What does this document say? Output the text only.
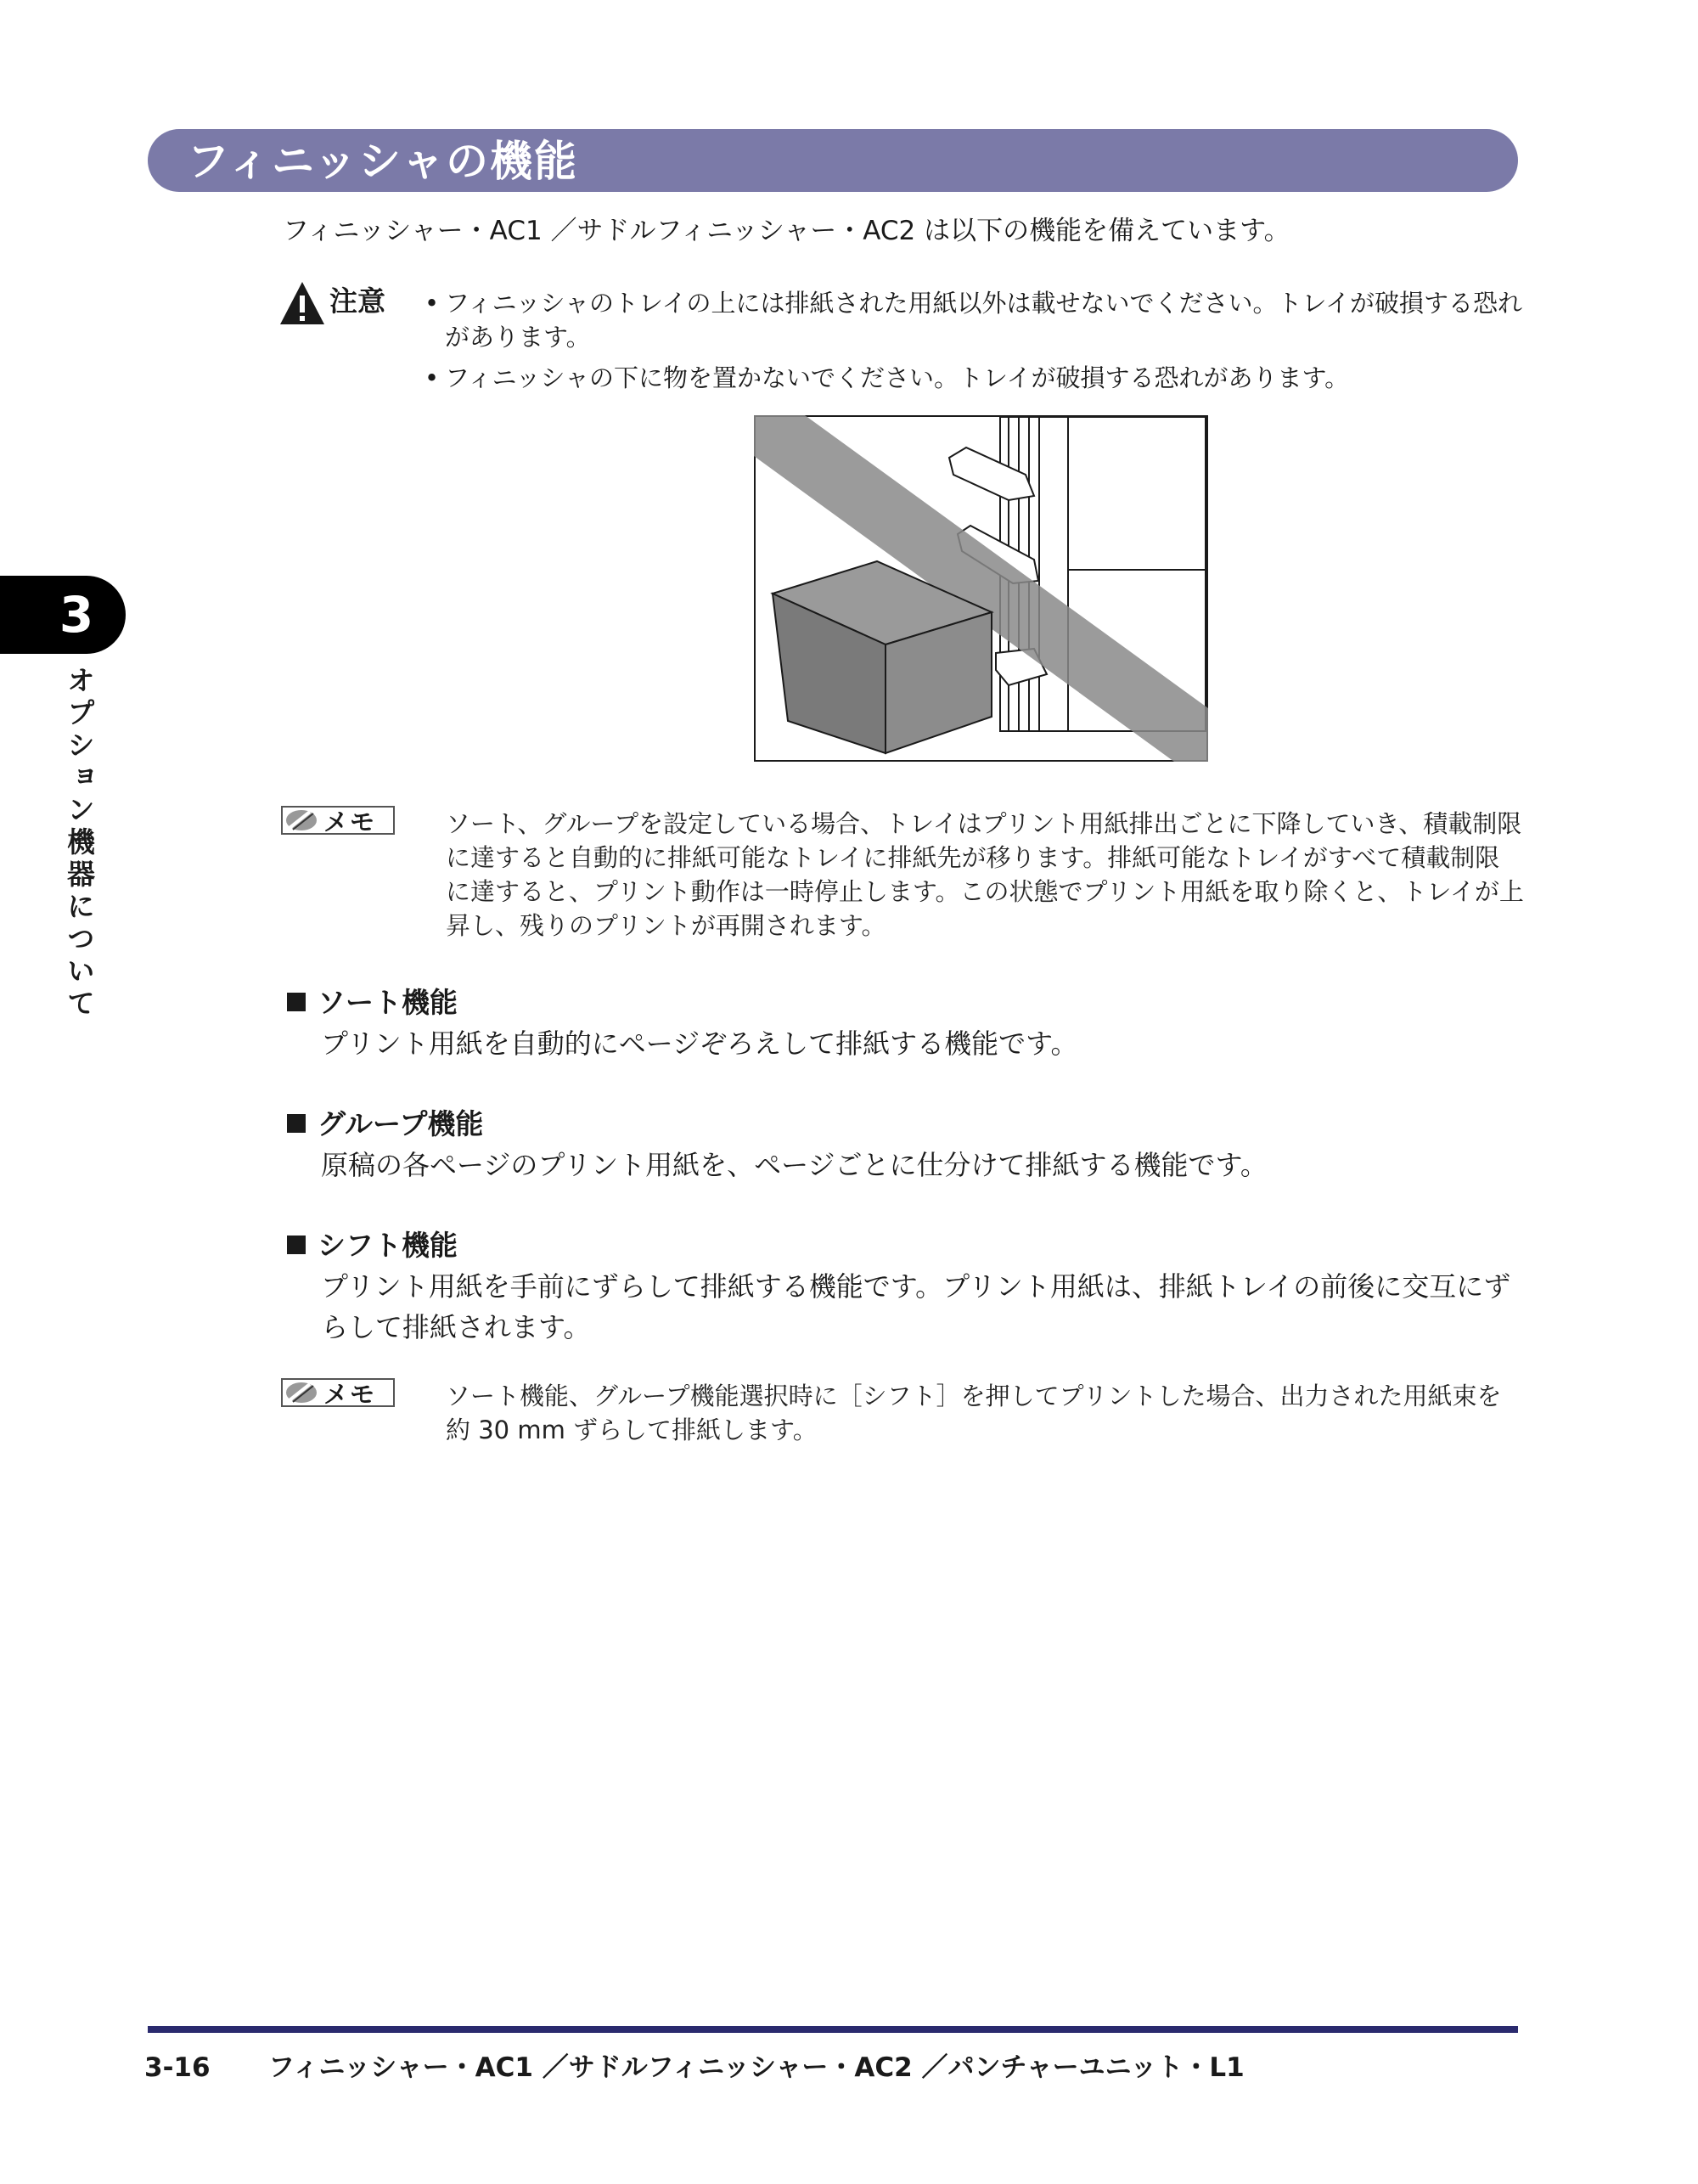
フィニッシャの機能
フィニッシャー・AC1 ／サドルフィニッシャー・AC2 は以下の機能を備えています。
注意
•	フィニッシャのトレイの上には排紙された用紙以外は載せないでください。トレイが破損する恐れがあります。
• フィニッシャの下に物を置かないでください。トレイが破損する恐れがあります。
メモ	ソート、グループを設定している場合、トレイはプリント用紙排出ごとに下降していき、積載制限に達すると自動的に排紙可能なトレイに排紙先が移ります。排紙可能なトレイがすべて積載制限に達すると、プリント動作は一時停止します。この状態でプリント用紙を取り除くと、トレイが上昇し、残りのプリントが再開されます。
ソート機能
プリント用紙を自動的にページぞろえして排紙する機能です。
グループ機能
原稿の各ページのプリント用紙を、ページごとに仕分けて排紙する機能です。
シフト機能
プリント用紙を手前にずらして排紙する機能です。プリント用紙は、排紙トレイの前後に交互にずらして排紙されます。
メモ	ソート機能、グループ機能選択時に［シフト］を押してプリントした場合、出力された用紙束を約 30 mm ずらして排紙します。
3
オプション機器について
3-16 フィニッシャー・AC1 ／サドルフィニッシャー・AC2 ／パンチャーユニット・L1
